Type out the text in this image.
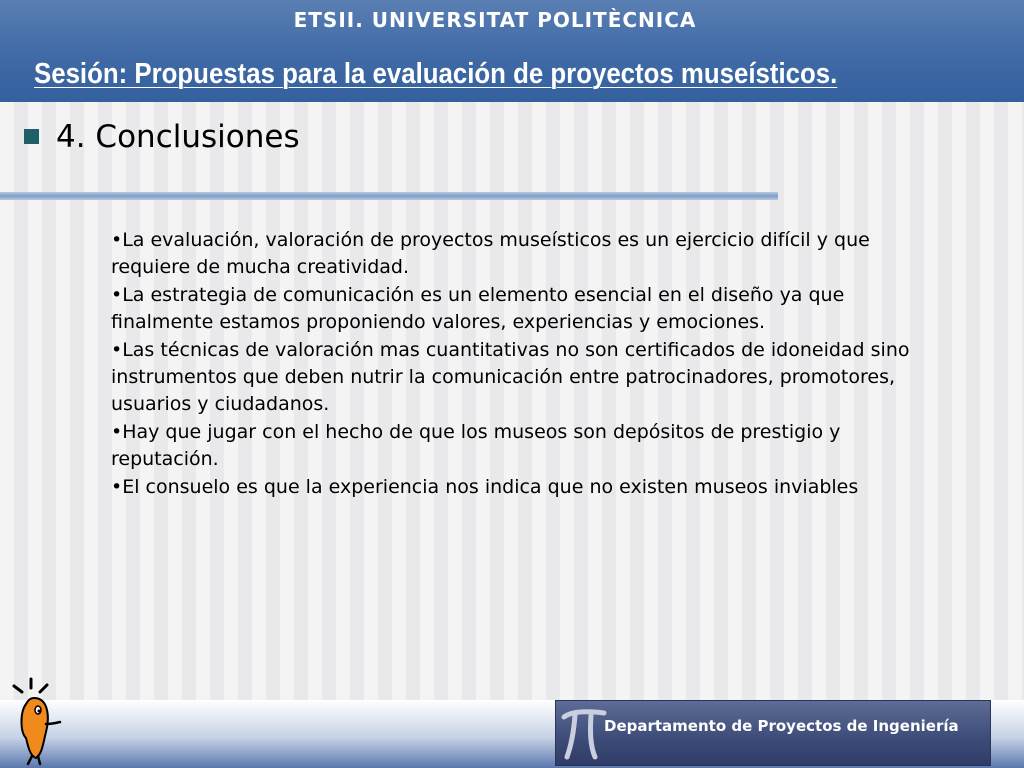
ETSII. UNIVERSITAT POLITÈCNICA
Sesión: Propuestas para la evaluación de proyectos museísticos.
4. Conclusiones
•La evaluación, valoración de proyectos museísticos es un ejercicio difícil y que requiere de mucha creatividad.
•La estrategia de comunicación es un elemento esencial en el diseño ya que finalmente estamos proponiendo valores, experiencias y emociones.
•Las técnicas de valoración mas cuantitativas no son certificados de idoneidad sino instrumentos que deben nutrir la comunicación entre patrocinadores, promotores, usuarios y ciudadanos.
•Hay que jugar con el hecho de que los museos son depósitos de prestigio y reputación.
•El consuelo es que la experiencia nos indica que no existen museos inviables
Departamento de Proyectos de Ingeniería
